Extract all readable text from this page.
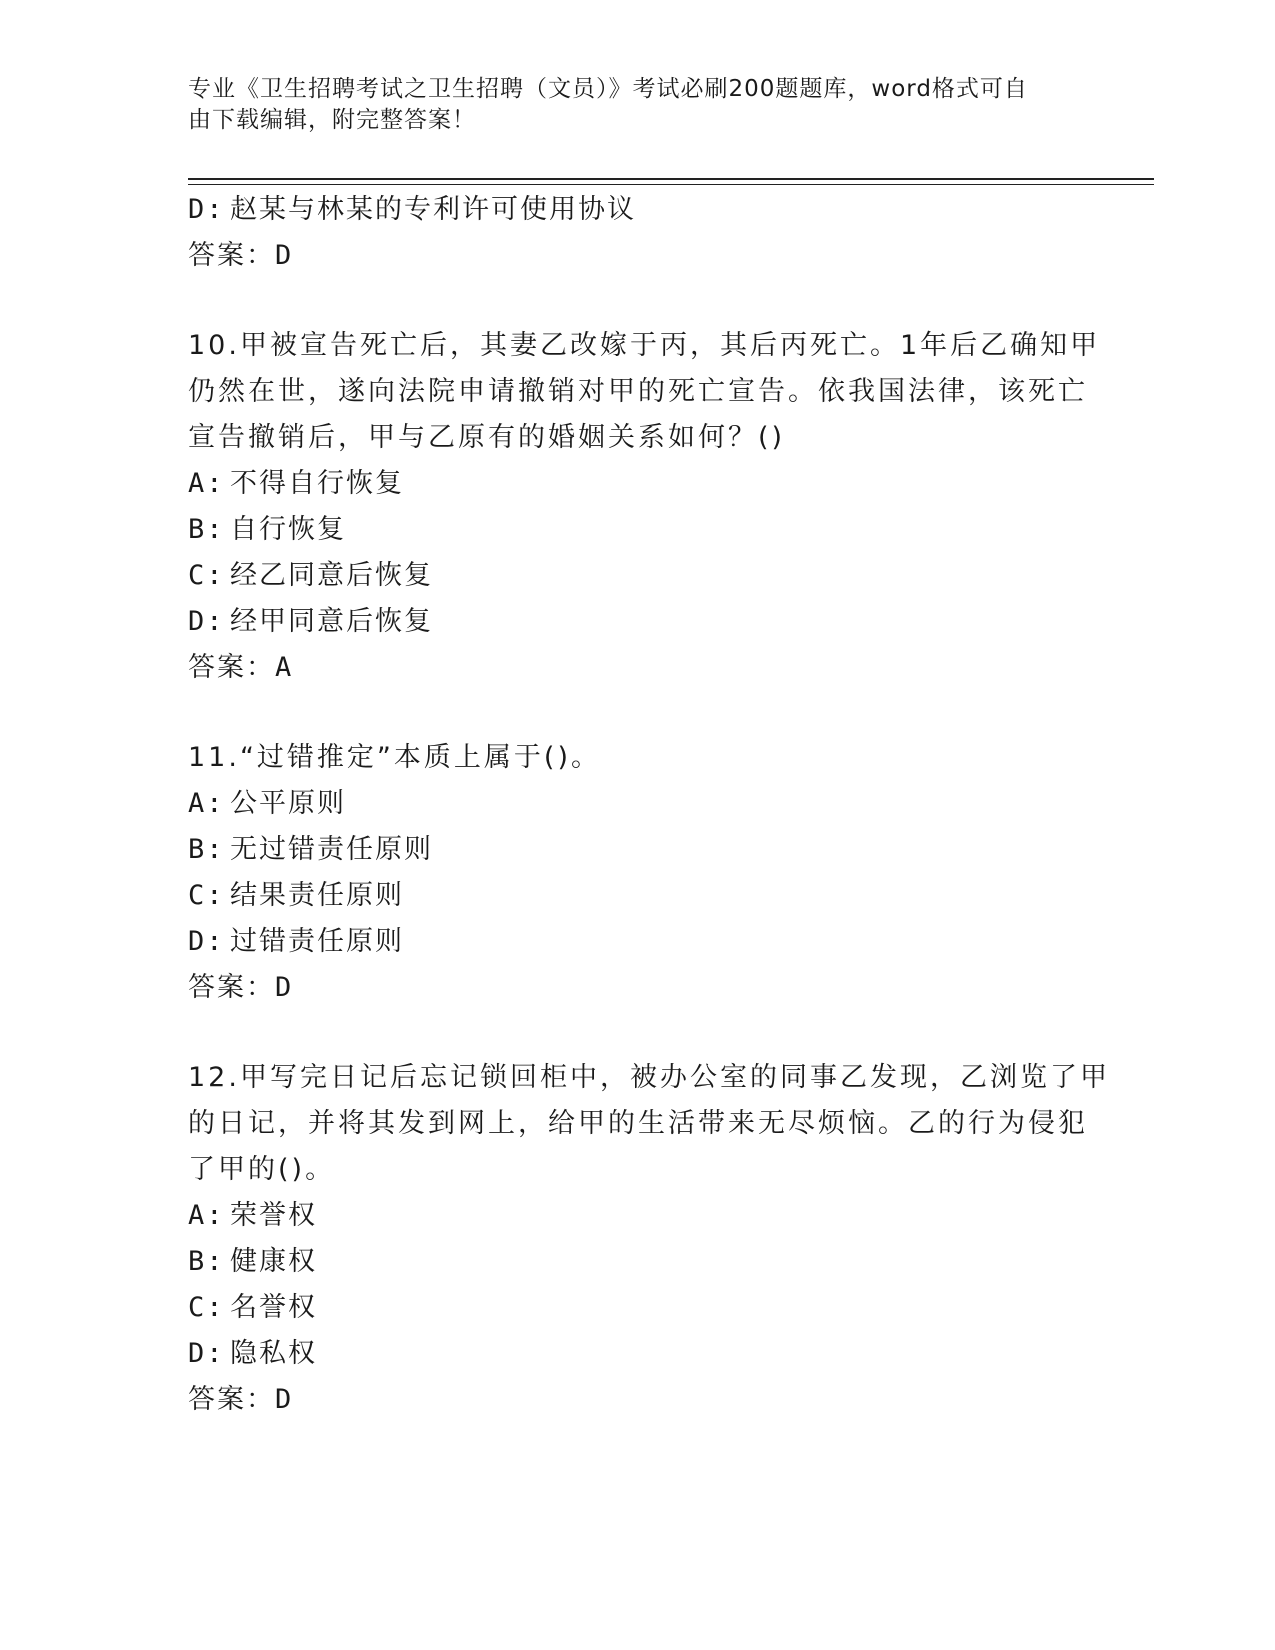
专业《卫生招聘考试之卫生招聘（文员）》考试必刷200题题库，word格式可自
由下载编辑，附完整答案！
D: 赵某与林某的专利许可使用协议
答案：D
10.甲被宣告死亡后，其妻乙改嫁于丙，其后丙死亡。1年后乙确知甲
仍然在世，遂向法院申请撤销对甲的死亡宣告。依我国法律，该死亡
宣告撤销后，甲与乙原有的婚姻关系如何？()
A: 不得自行恢复
B: 自行恢复
C: 经乙同意后恢复
D: 经甲同意后恢复
答案：A
11.“过错推定”本质上属于()。
A: 公平原则
B: 无过错责任原则
C: 结果责任原则
D: 过错责任原则
答案：D
12.甲写完日记后忘记锁回柜中，被办公室的同事乙发现，乙浏览了甲
的日记，并将其发到网上，给甲的生活带来无尽烦恼。乙的行为侵犯
了甲的()。
A: 荣誉权
B: 健康权
C: 名誉权
D: 隐私权
答案：D
